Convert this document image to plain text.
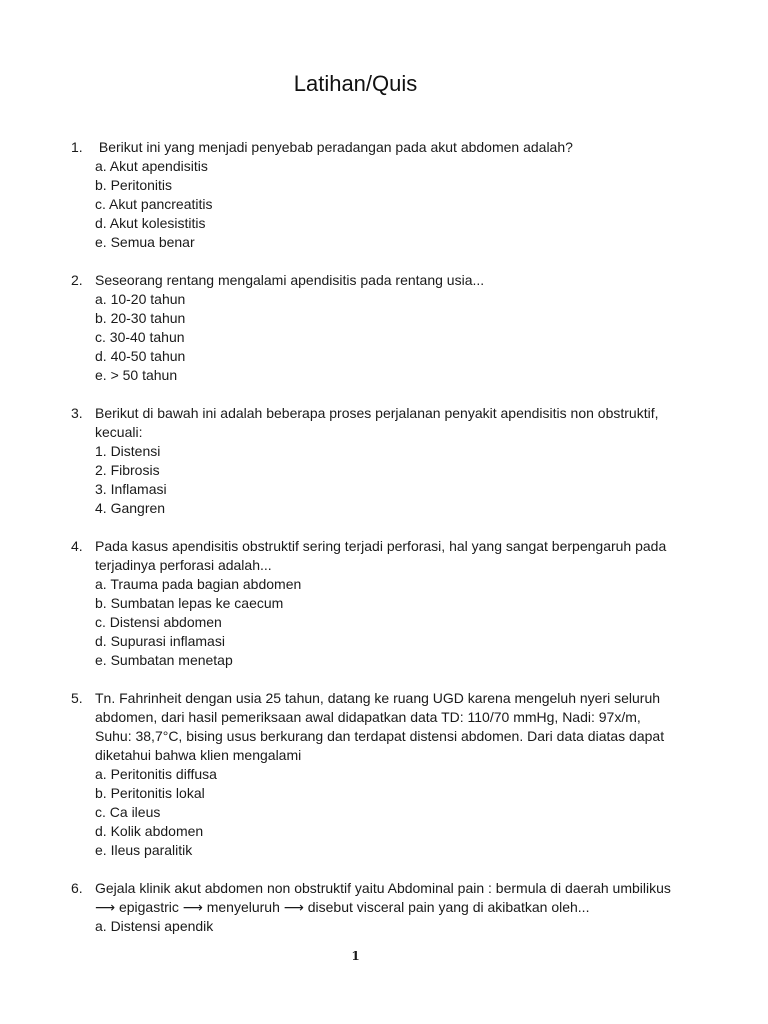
Latihan/Quis
1. Berikut ini yang menjadi penyebab peradangan pada akut abdomen adalah?
a. Akut apendisitis
b. Peritonitis
c. Akut pancreatitis
d. Akut kolesistitis
e. Semua benar
2. Seseorang rentang mengalami apendisitis pada rentang usia...
a. 10-20 tahun
b. 20-30 tahun
c. 30-40 tahun
d. 40-50 tahun
e. > 50 tahun
3. Berikut di bawah ini adalah beberapa proses perjalanan penyakit apendisitis non obstruktif, kecuali:
1. Distensi
2. Fibrosis
3. Inflamasi
4. Gangren
4. Pada kasus apendisitis obstruktif sering terjadi perforasi, hal yang sangat berpengaruh pada terjadinya perforasi adalah...
a. Trauma pada bagian abdomen
b. Sumbatan lepas ke caecum
c. Distensi abdomen
d. Supurasi inflamasi
e. Sumbatan menetap
5. Tn. Fahrinheit dengan usia 25 tahun, datang ke ruang UGD karena mengeluh nyeri seluruh abdomen, dari hasil pemeriksaan awal didapatkan data TD: 110/70 mmHg, Nadi: 97x/m, Suhu: 38,7°C, bising usus berkurang dan terdapat distensi abdomen. Dari data diatas dapat diketahui bahwa klien mengalami
a. Peritonitis diffusa
b. Peritonitis lokal
c. Ca ileus
d. Kolik abdomen
e. Ileus paralitik
6. Gejala klinik akut abdomen non obstruktif yaitu Abdominal pain : bermula di daerah umbilikus ⟶ epigastric ⟶ menyeluruh ⟶ disebut visceral pain yang di akibatkan oleh...
a. Distensi apendik
1
